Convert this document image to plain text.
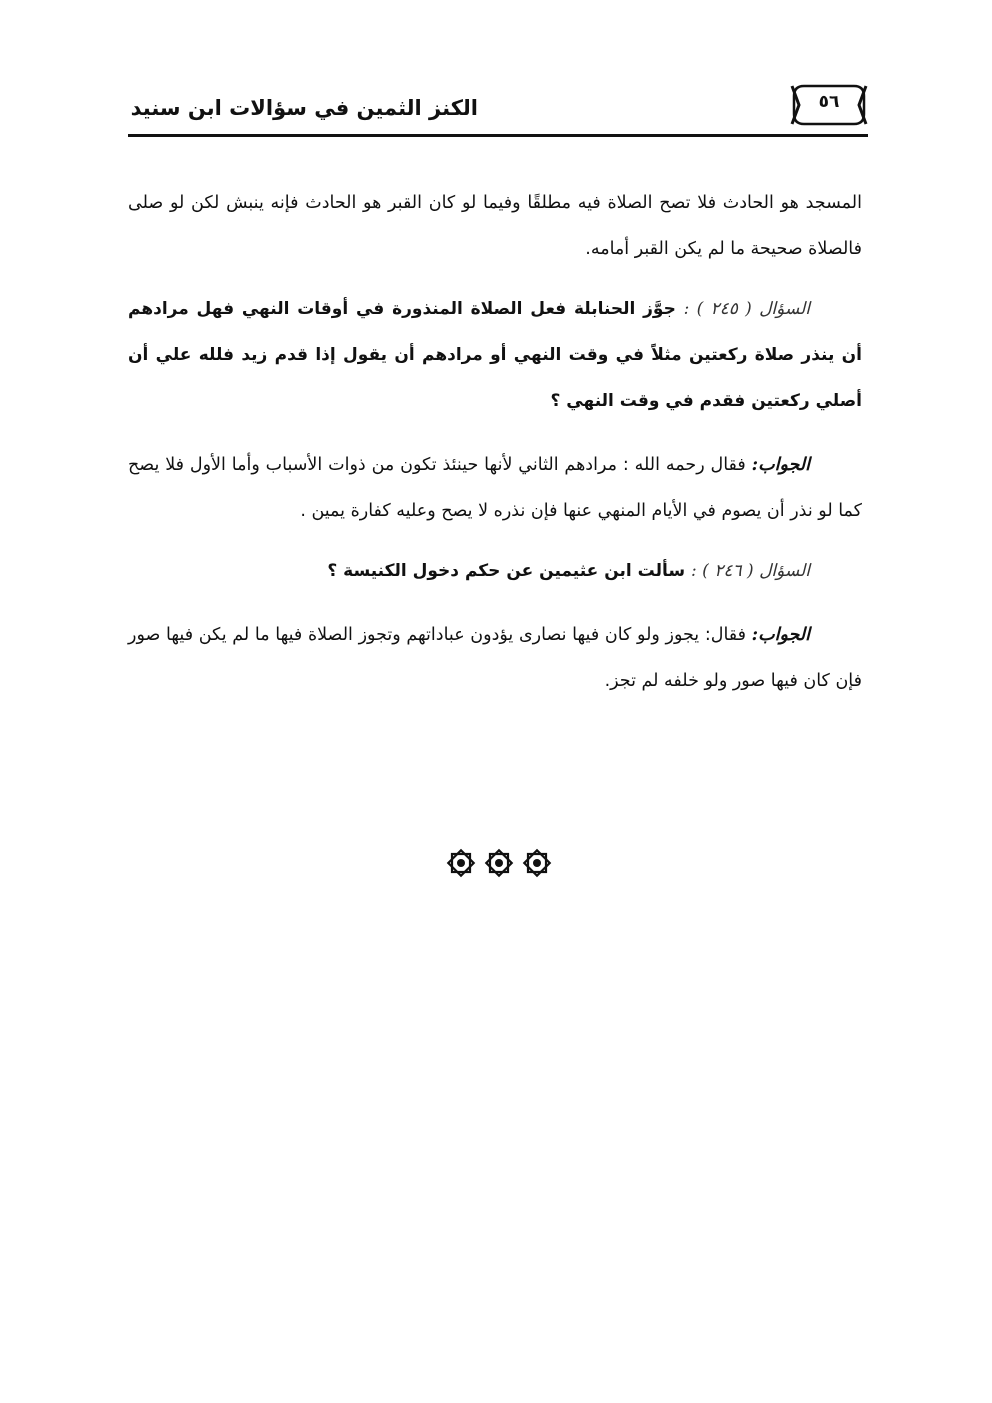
الكنز الثمين في سؤالات ابن سنيد	٥٦

المسجد هو الحادث فلا تصح الصلاة فيه مطلقًا وفيما لو كان القبر هو الحادث فإنه ينبش لكن لو صلى فالصلاة صحيحة ما لم يكن القبر أمامه.

السؤال ( ٢٤٥ ) : جوَّز الحنابلة فعل الصلاة المنذورة في أوقات النهي فهل مرادهم أن ينذر صلاة ركعتين مثلاً في وقت النهي أو مرادهم أن يقول إذا قدم زيد فلله علي أن أصلي ركعتين فقدم في وقت النهي ؟

الجواب: فقال رحمه الله : مرادهم الثاني لأنها حينئذ تكون من ذوات الأسباب وأما الأول فلا يصح كما لو نذر أن يصوم في الأيام المنهي عنها فإن نذره لا يصح وعليه كفارة يمين .

السؤال ( ٢٤٦ ) : سألت ابن عثيمين عن حكم دخول الكنيسة ؟

الجواب: فقال: يجوز ولو كان فيها نصارى يؤدون عباداتهم وتجوز الصلاة فيها ما لم يكن فيها صور فإن كان فيها صور ولو خلفه لم تجز.
